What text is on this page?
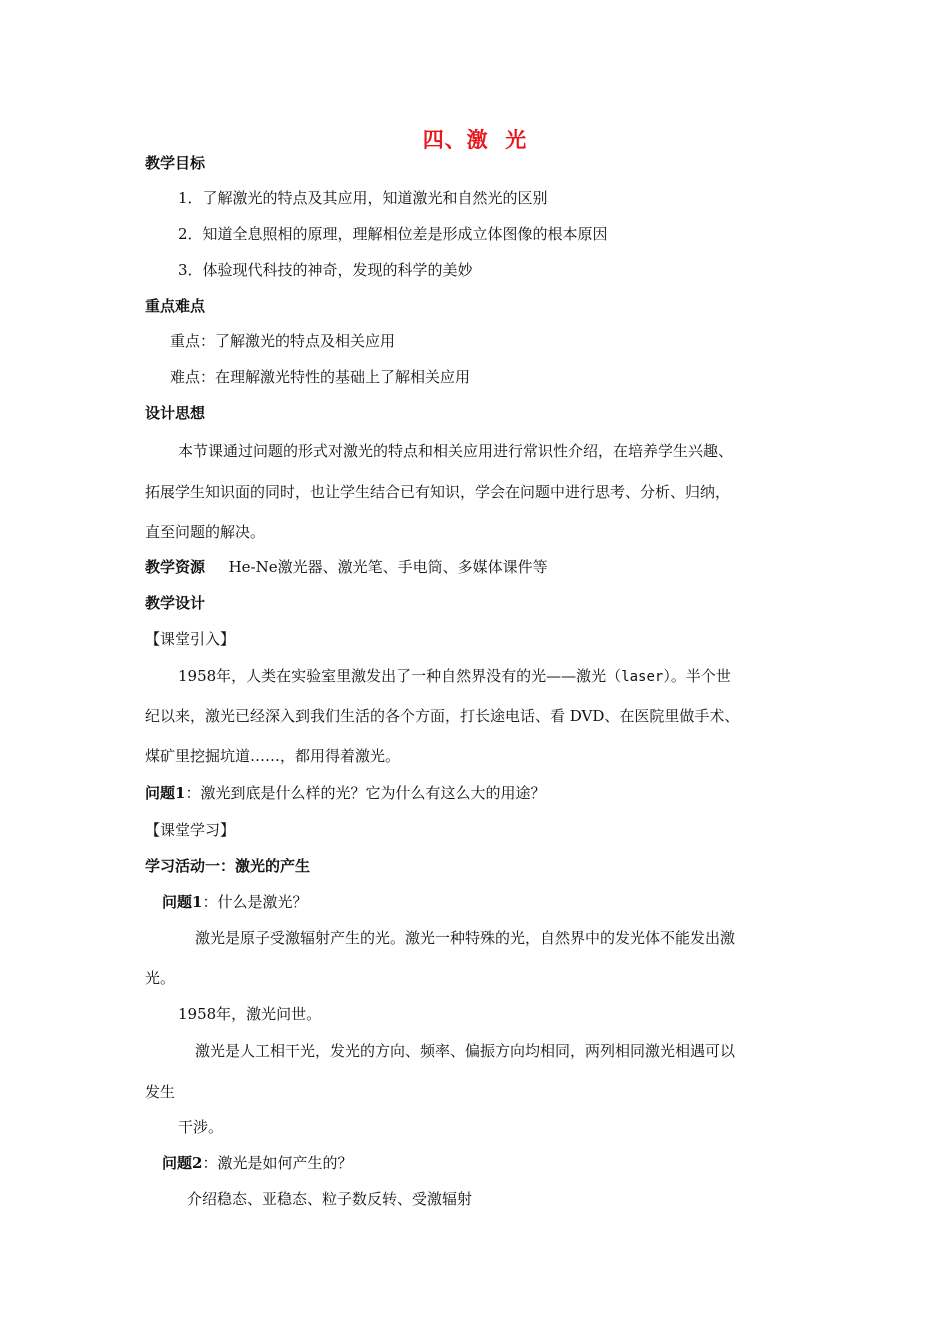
四、激  光
教学目标
1．了解激光的特点及其应用，知道激光和自然光的区别
2．知道全息照相的原理，理解相位差是形成立体图像的根本原因
3．体验现代科技的神奇，发现的科学的美妙
重点难点
重点：了解激光的特点及相关应用
难点：在理解激光特性的基础上了解相关应用
设计思想
本节课通过问题的形式对激光的特点和相关应用进行常识性介绍，在培养学生兴趣、
拓展学生知识面的同时，也让学生结合已有知识，学会在问题中进行思考、分析、归纳，
直至问题的解决。
教学资源 He-Ne激光器、激光笔、手电筒、多媒体课件等
教学设计
【课堂引入】
1958年，人类在实验室里激发出了一种自然界没有的光——激光（laser）。半个世
纪以来，激光已经深入到我们生活的各个方面，打长途电话、看 DVD、在医院里做手术、
煤矿里挖掘坑道……，都用得着激光。
问题1：激光到底是什么样的光？它为什么有这么大的用途？
【课堂学习】
学习活动一：激光的产生
问题1：什么是激光？
激光是原子受激辐射产生的光。激光一种特殊的光，自然界中的发光体不能发出激
光。
1958年，激光问世。
激光是人工相干光，发光的方向、频率、偏振方向均相同，两列相同激光相遇可以
发生
干涉。
问题2：激光是如何产生的？
介绍稳态、亚稳态、粒子数反转、受激辐射
